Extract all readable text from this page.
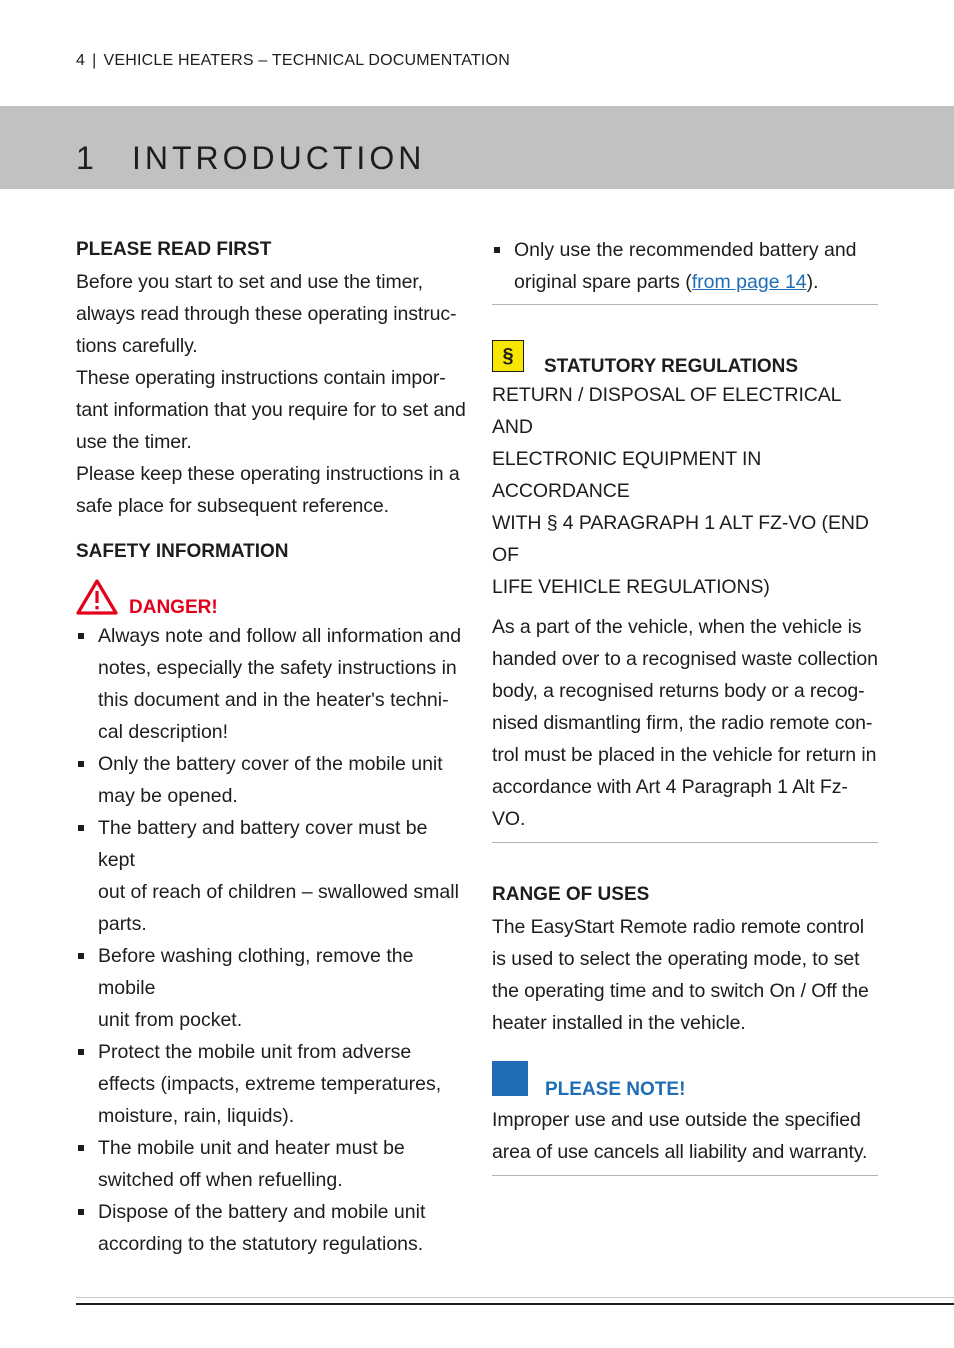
4 | VEHICLE HEATERS – TECHNICAL DOCUMENTATION
1 INTRODUCTION
PLEASE READ FIRST
Before you start to set and use the timer,
always read through these operating instruc-
tions carefully.
These operating instructions contain impor-
tant information that you require for to set and
use the timer.
Please keep these operating instructions in a
safe place for subsequent reference.
SAFETY INFORMATION
DANGER!
Always note and follow all information and
notes, especially the safety instructions in
this document and in the heater's techni-
cal description!
Only the battery cover of the mobile unit
may be opened.
The battery and battery cover must be kept
out of reach of children – swallowed small
parts.
Before washing clothing, remove the mobile
unit from pocket.
Protect the mobile unit from adverse
effects (impacts, extreme temperatures,
moisture, rain, liquids).
The mobile unit and heater must be
switched off when refuelling.
Dispose of the battery and mobile unit
according to the statutory regulations.
Only use the recommended battery and
original spare parts (from page 14).
§	STATUTORY REGULATIONS
RETURN / DISPOSAL OF ELECTRICAL AND
ELECTRONIC EQUIPMENT IN ACCORDANCE
WITH § 4 PARAGRAPH 1 ALT FZ-VO (END OF
LIFE VEHICLE REGULATIONS)
As a part of the vehicle, when the vehicle is
handed over to a recognised waste collection
body, a recognised returns body or a recog-
nised dismantling firm, the radio remote con-
trol must be placed in the vehicle for return in
accordance with Art 4 Paragraph 1 Alt Fz-VO.
RANGE OF USES
The EasyStart Remote radio remote control
is used to select the operating mode, to set
the operating time and to switch On / Off the
heater installed in the vehicle.
PLEASE NOTE!
Improper use and use outside the specified
area of use cancels all liability and warranty.
